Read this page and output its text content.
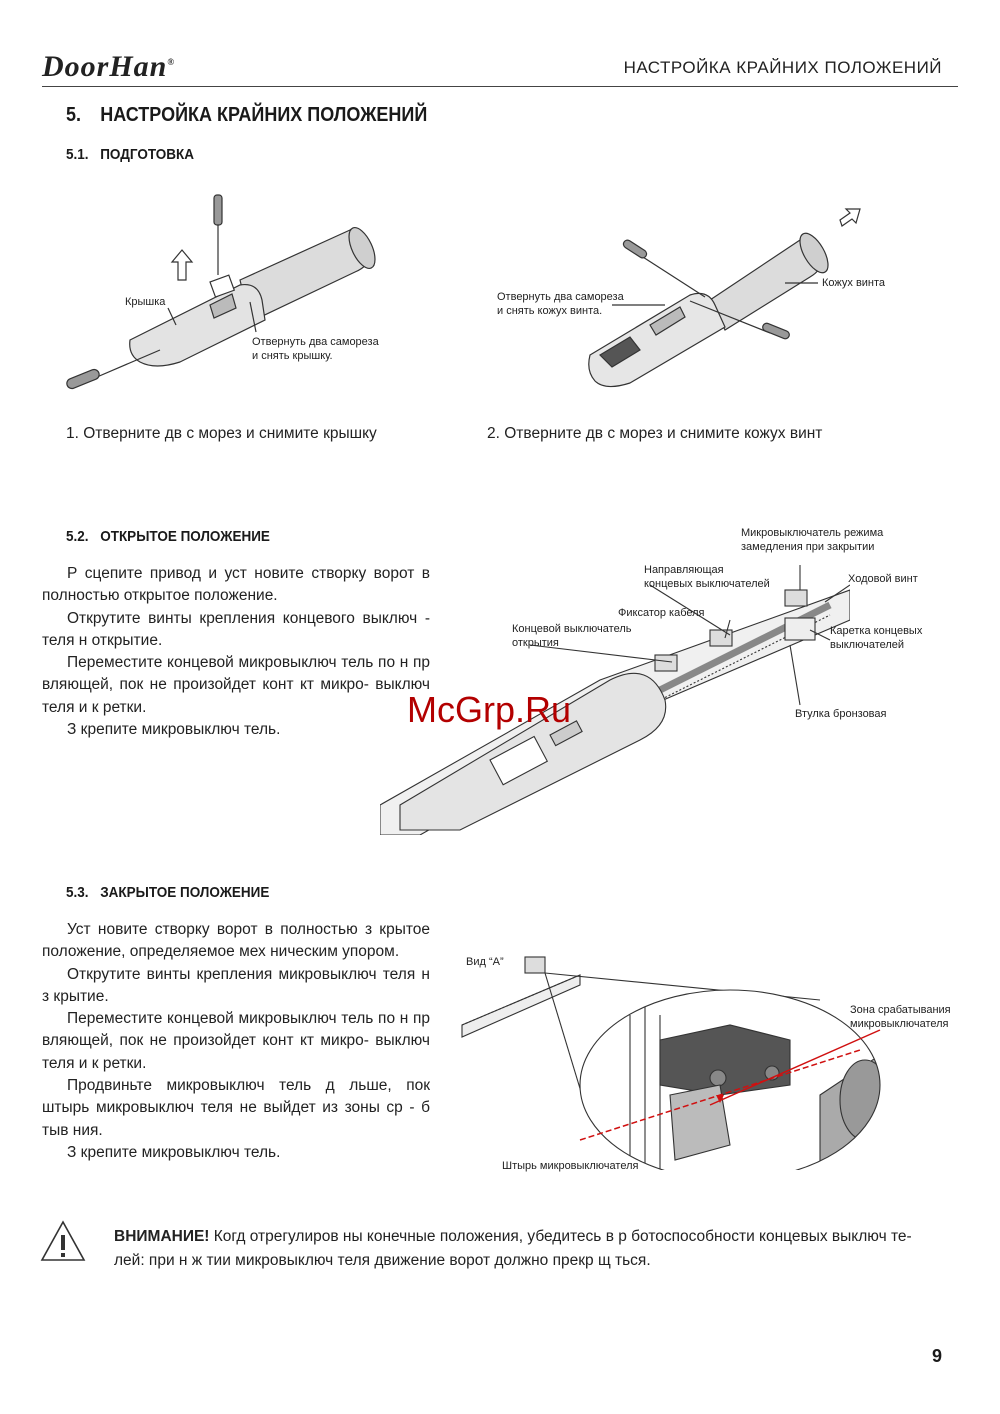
DoorHan®	НАСТРОЙКА КРАЙНИХ ПОЛОЖЕНИЙ
5. НАСТРОЙКА КРАЙНИХ ПОЛОЖЕНИЙ
5.1. ПОДГОТОВКА
Крышка
Отвернуть два самореза
и снять крышку.
1. Отверните дв с морез и снимите крышку
Отвернуть два самореза
и снять кожух винта.
Кожух винта
2. Отверните дв с морез и снимите кожух винт
5.2. ОТКРЫТОЕ ПОЛОЖЕНИЕ

Р сцепите привод и уст новите створку ворот в полностью открытое положение.

Открутите винты крепления концевого выключ - теля н открытие.

Переместите концевой микровыключ тель по н пр вляющей, пок не произойдет конт кт микро- выключ теля и к ретки.

З крепите микровыключ тель.

Микровыключатель режима
замедления при закрытии
Направляющая
концевых выключателей	Ходовой винт
Фиксатор кабеля
Концевой выключатель
открытия
Каретка концевых
выключателей
Втулка бронзовая
McGrp.Ru
5.3. ЗАКРЫТОЕ ПОЛОЖЕНИЕ

Уст новите створку ворот в полностью з крытое положение, определяемое мех ническим упором.

Открутите винты крепления микровыключ теля н з крытие.

Переместите концевой микровыключ тель по н пр вляющей, пок не произойдет конт кт микро- выключ теля и к ретки.

Продвиньте микровыключ тель д льше, пок штырь микровыключ теля не выйдет из зоны ср - б тыв ния.

З крепите микровыключ тель.

Вид “А”
Зона срабатывания
микровыключателя
Штырь микровыключателя
ВНИМАНИЕ! Когд отрегулиров ны конечные положения, убедитесь в р ботоспособности концевых выключ те- лей: при н ж тии микровыключ теля движение ворот должно прекр щ ться.
9
